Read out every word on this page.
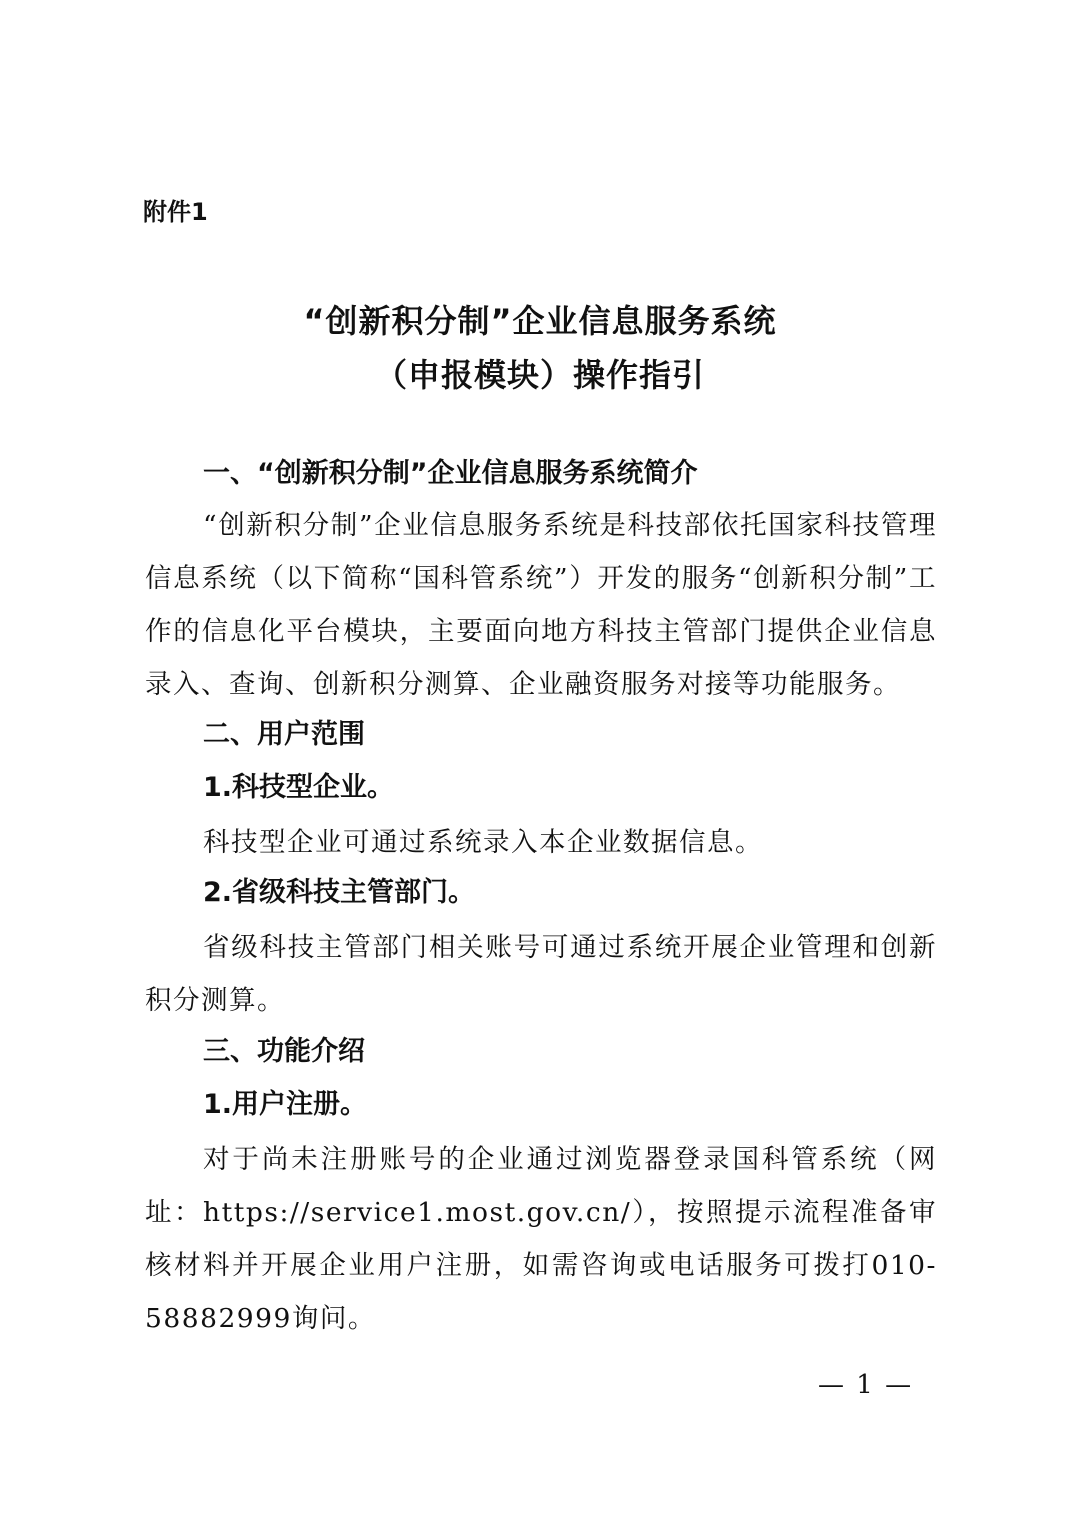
附件1
“创新积分制”企业信息服务系统
（申报模块）操作指引
一、“创新积分制”企业信息服务系统简介
“创新积分制”企业信息服务系统是科技部依托国家科技管理信息系统（以下简称“国科管系统”）开发的服务“创新积分制”工作的信息化平台模块，主要面向地方科技主管部门提供企业信息录入、查询、创新积分测算、企业融资服务对接等功能服务。
二、用户范围
1.科技型企业。
科技型企业可通过系统录入本企业数据信息。
2.省级科技主管部门。
省级科技主管部门相关账号可通过系统开展企业管理和创新积分测算。
三、功能介绍
1.用户注册。
对于尚未注册账号的企业通过浏览器登录国科管系统（网址：https://service1.most.gov.cn/），按照提示流程准备审核材料并开展企业用户注册，如需咨询或电话服务可拨打010-58882999询问。
— 1 —
